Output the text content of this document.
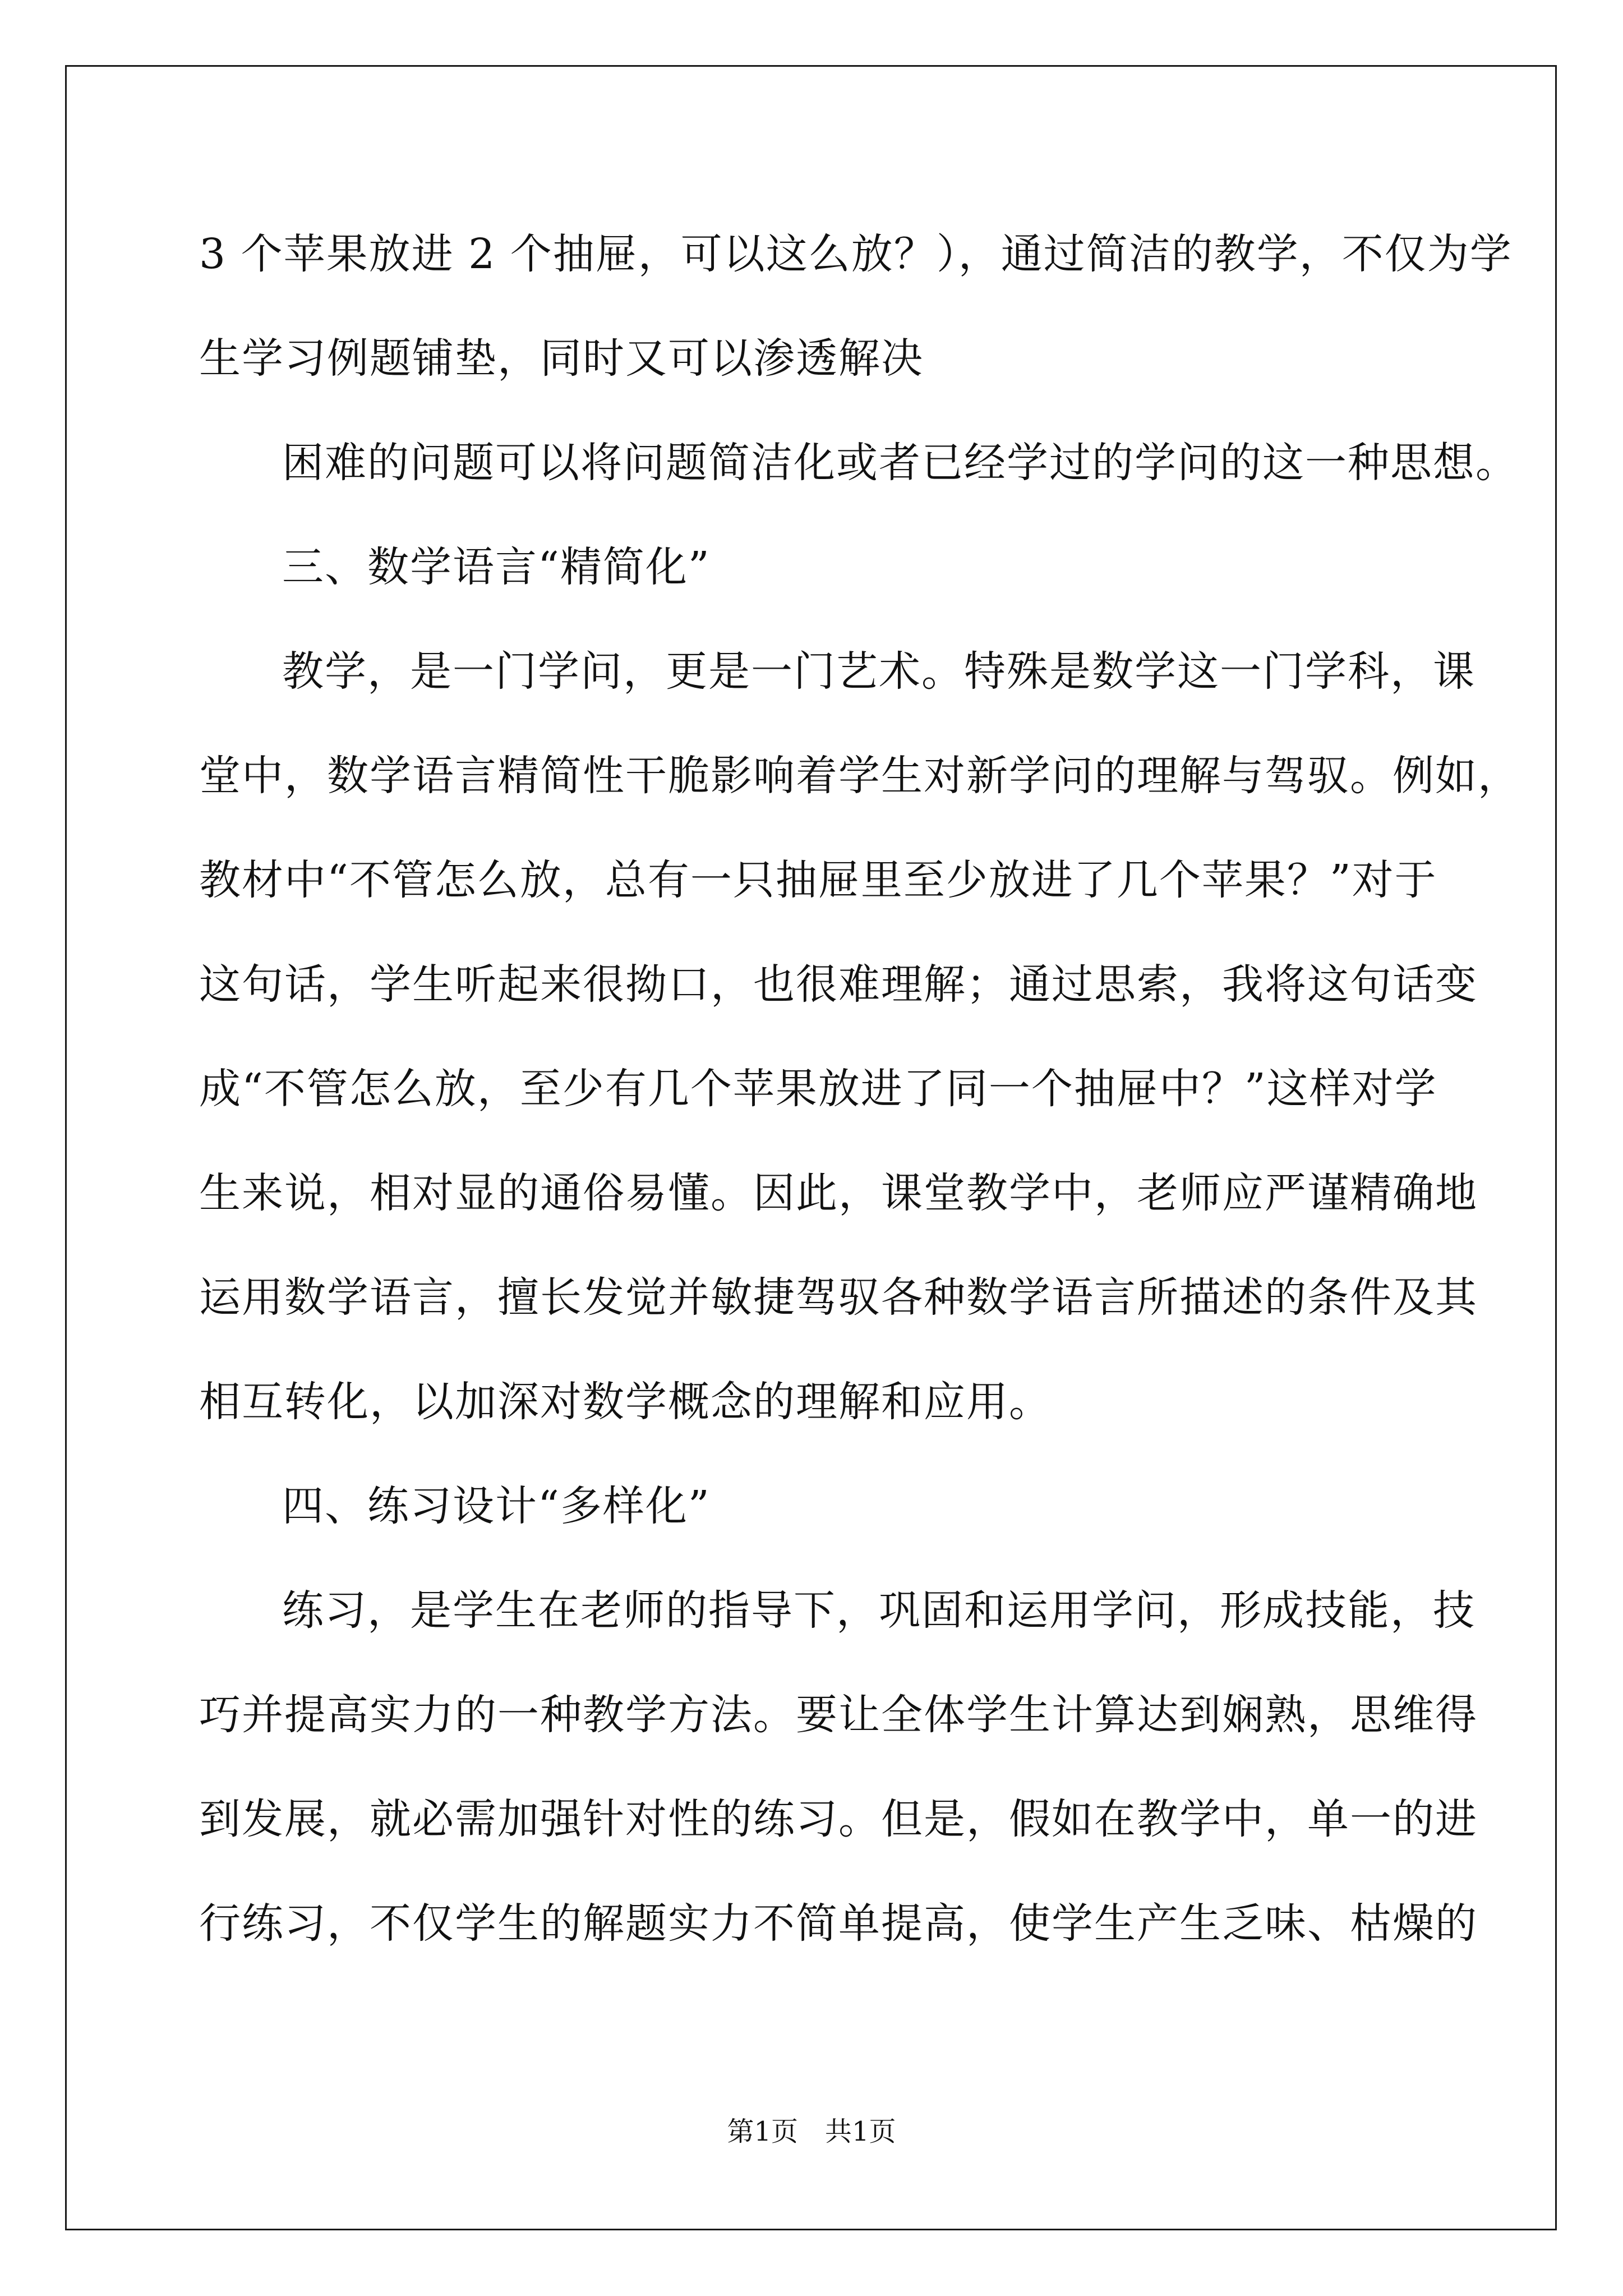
3 个苹果放进 2 个抽屉，可以这么放？），通过简洁的教学，不仅为学
生学习例题铺垫，同时又可以渗透解决
困难的问题可以将问题简洁化或者已经学过的学问的这一种思想。
三、数学语言“精简化”
教学，是一门学问，更是一门艺术。特殊是数学这一门学科，课
堂中，数学语言精简性干脆影响着学生对新学问的理解与驾驭。例如，
教材中“不管怎么放，总有一只抽屉里至少放进了几个苹果？”对于
这句话，学生听起来很拗口，也很难理解；通过思索，我将这句话变
成“不管怎么放，至少有几个苹果放进了同一个抽屉中？”这样对学
生来说，相对显的通俗易懂。因此，课堂教学中，老师应严谨精确地
运用数学语言，擅长发觉并敏捷驾驭各种数学语言所描述的条件及其
相互转化，以加深对数学概念的理解和应用。
四、练习设计“多样化”
练习，是学生在老师的指导下，巩固和运用学问，形成技能，技
巧并提高实力的一种教学方法。要让全体学生计算达到娴熟，思维得
到发展，就必需加强针对性的练习。但是，假如在教学中，单一的进
行练习，不仅学生的解题实力不简单提高，使学生产生乏味、枯燥的
第1页 共1页
